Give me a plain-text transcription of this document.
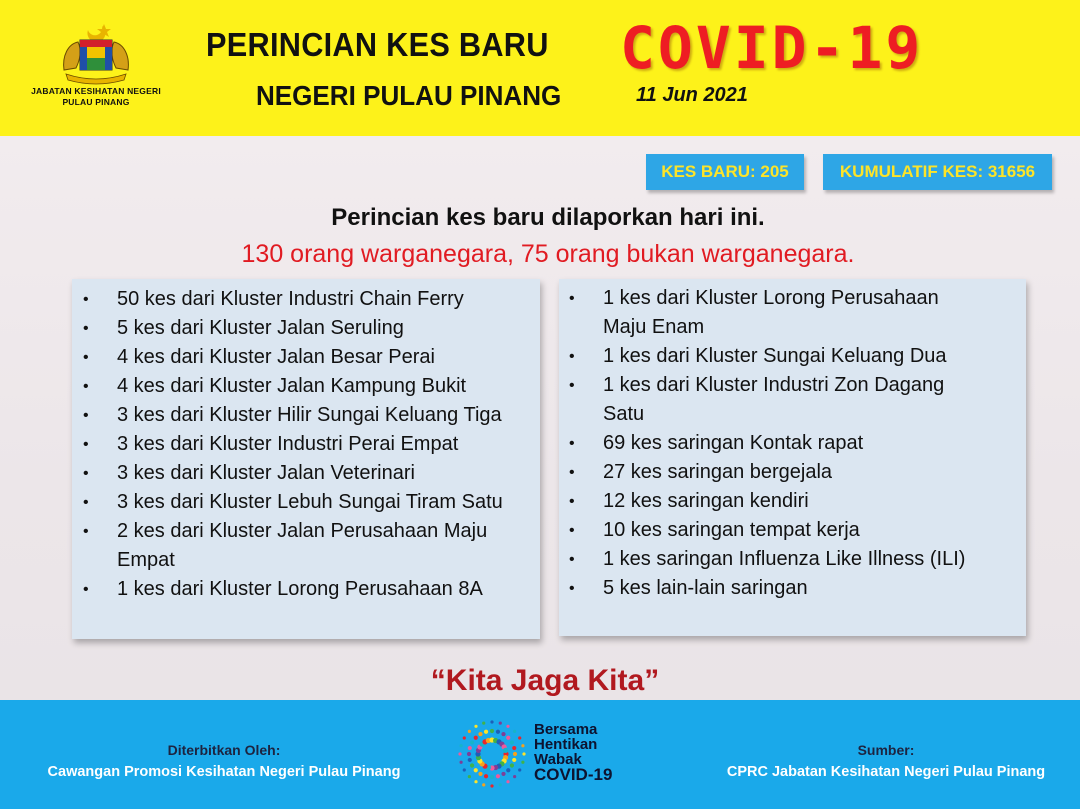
JABATAN KESIHATAN NEGERI
PULAU PINANG
PERINCIAN KES BARU COVID-19
NEGERI PULAU PINANG	11 Jun 2021
KES BARU: 205	KUMULATIF KES: 31656
Perincian kes baru dilaporkan hari ini.
130 orang warganegara, 75 orang bukan warganegara.
• 50 kes dari Kluster Industri Chain Ferry
• 5 kes dari Kluster Jalan Seruling
• 4 kes dari Kluster Jalan Besar Perai
• 4 kes dari Kluster Jalan Kampung Bukit
• 3 kes dari Kluster Hilir Sungai Keluang Tiga
• 3 kes dari Kluster Industri Perai Empat
• 3 kes dari Kluster Jalan Veterinari
• 3 kes dari Kluster Lebuh Sungai Tiram Satu
• 2 kes dari Kluster Jalan Perusahaan Maju
Empat
• 1 kes dari Kluster Lorong Perusahaan 8A
• 1 kes dari Kluster Lorong Perusahaan
Maju Enam
• 1 kes dari Kluster Sungai Keluang Dua
• 1 kes dari Kluster Industri Zon Dagang
Satu
• 69 kes saringan Kontak rapat
• 27 kes saringan bergejala
• 12 kes saringan kendiri
• 10 kes saringan tempat kerja
• 1 kes saringan Influenza Like Illness (ILI)
• 5 kes lain-lain saringan
“Kita Jaga Kita”
Diterbitkan Oleh:
Cawangan Promosi Kesihatan Negeri Pulau Pinang
Bersama
Hentikan
Wabak
COVID-19
Sumber:
CPRC Jabatan Kesihatan Negeri Pulau Pinang
